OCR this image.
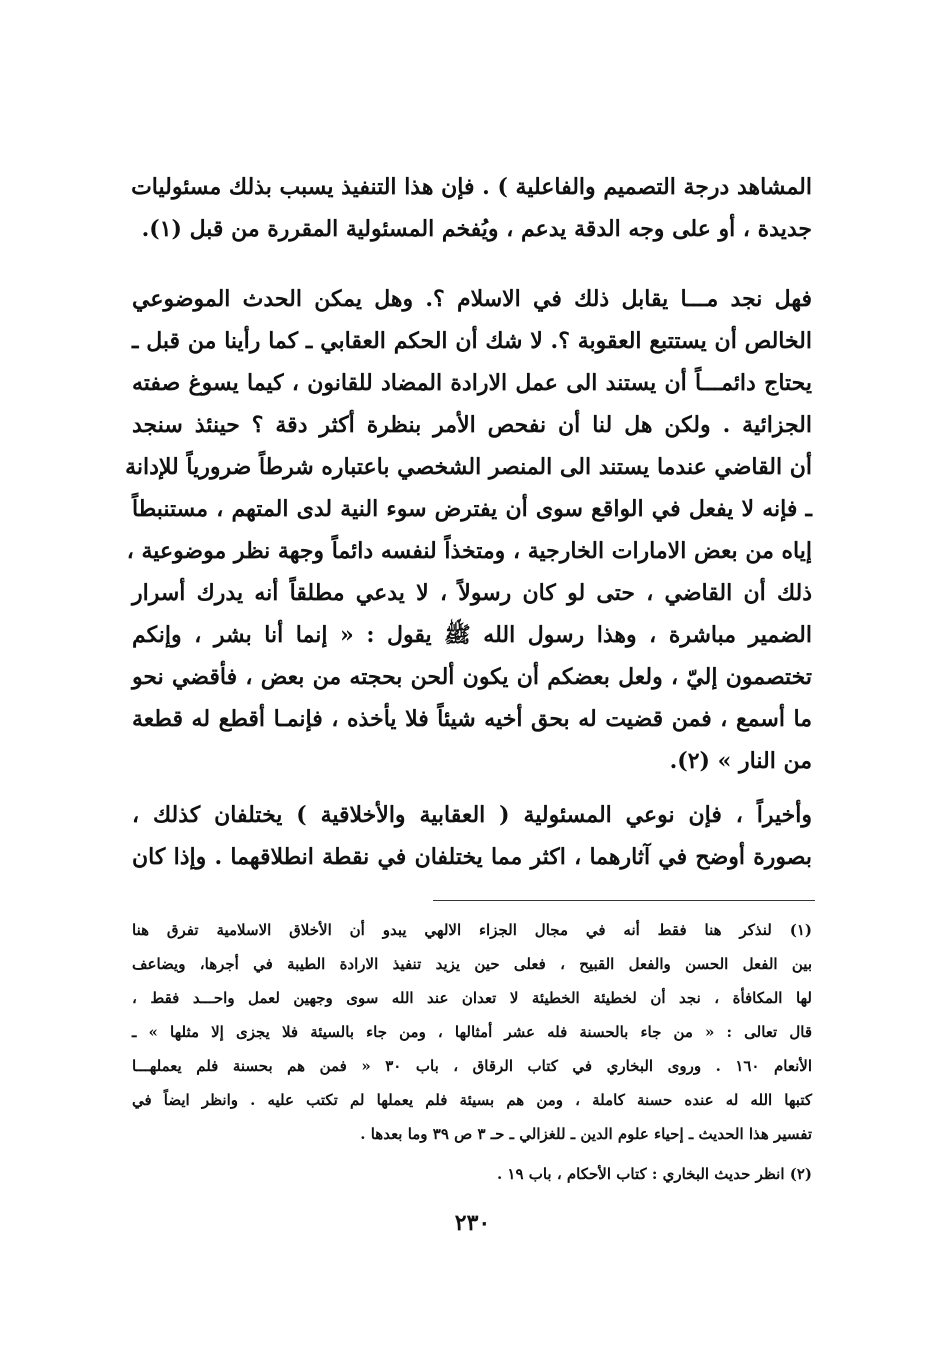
المشاهد درجة التصميم والفاعلية ) . فإن هذا التنفيذ يسبب بذلك مسئوليات
جديدة ، أو على وجه الدقة يدعم ، ويُفخم المسئولية المقررة من قبل (١).
فهل نجد مـــا يقابل ذلك في الاسلام ؟. وهل يمكن الحدث الموضوعي
الخالص أن يستتبع العقوبة ؟. لا شك أن الحكم العقابي ـ كما رأينا من قبل ـ
يحتاج دائمـــاً أن يستند الى عمل الارادة المضاد للقانون ، كيما يسوغ صفته
الجزائية . ولكن هل لنا أن نفحص الأمر بنظرة أكثر دقة ؟ حينئذ سنجد
أن القاضي عندما يستند الى المنصر الشخصي باعتباره شرطاً ضرورياً للإدانة
ـ فإنه لا يفعل في الواقع سوى أن يفترض سوء النية لدى المتهم ، مستنبطاً
إياه من بعض الامارات الخارجية ، ومتخذاً لنفسه دائماً وجهة نظر موضوعية ،
ذلك أن القاضي ، حتى لو كان رسولاً ، لا يدعي مطلقاً أنه يدرك أسرار
الضمير مباشرة ، وهذا رسول الله ﷺ يقول : « إنما أنا بشر ، وإنكم
تختصمون إليّ ، ولعل بعضكم أن يكون ألحن بحجته من بعض ، فأقضي نحو
ما أسمع ، فمن قضيت له بحق أخيه شيئاً فلا يأخذه ، فإنمـا أقطع له قطعة
من النار » (٢).
وأخيراً ، فإن نوعي المسئولية ( العقابية والأخلاقية ) يختلفان كذلك ،
بصورة أوضح في آثارهما ، اكثر مما يختلفان في نقطة انطلاقهما . وإذا كان
(١) لنذكر هنا فقط أنه في مجال الجزاء الالهي يبدو أن الأخلاق الاسلامية تفرق هنا
بين الفعل الحسن والفعل القبيح ، فعلى حين يزيد تنفيذ الارادة الطيبة في أجرها، ويضاعف
لها المكافأة ، نجد أن لخطيئة الخطيئة لا تعدان عند الله سوى وجهين لعمل واحـــد فقط ،
قال تعالى : « من جاء بالحسنة فله عشر أمثالها ، ومن جاء بالسيئة فلا يجزى إلا مثلها » ـ
الأنعام ١٦٠ . وروى البخاري في كتاب الرقاق ، باب ٣٠ « فمن هم بحسنة فلم يعملهـــا
كتبها الله له عنده حسنة كاملة ، ومن هم بسيئة فلم يعملها لم تكتب عليه . وانظر ايضاً في
تفسير هذا الحديث ـ إحياء علوم الدين ـ للغزالي ـ حـ ٣ ص ٣٩ وما بعدها .
(٢) انظر حديث البخاري : كتاب الأحكام ، باب ١٩ .
٢٣٠
